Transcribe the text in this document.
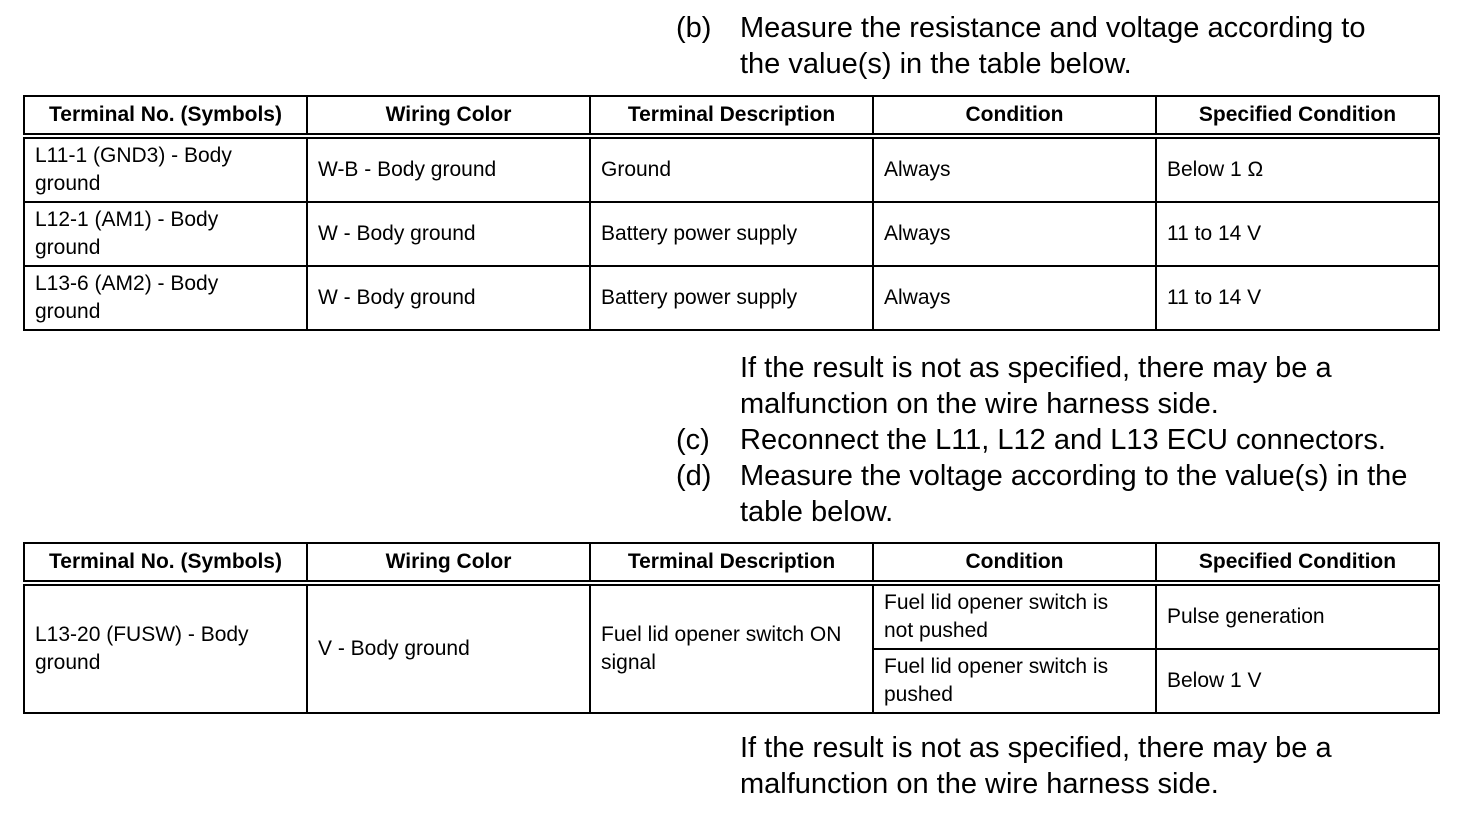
(b) Measure the resistance and voltage according to
the value(s) in the table below.
Terminal No. (Symbols)	Wiring Color	Terminal Description	Condition	Specified Condition

L11-1 (GND3) - Body
ground	W-B - Body ground	Ground	Always	Below 1 Ω

L12-1 (AM1) - Body
ground	W - Body ground	Battery power supply	Always	11 to 14 V

L13-6 (AM2) - Body
ground	W - Body ground	Battery power supply	Always	11 to 14 V
If the result is not as specified, there may be a
malfunction on the wire harness side.
(c)	Reconnect the L11, L12 and L13 ECU connectors.
(d) Measure the voltage according to the value(s) in the
table below.
Terminal No. (Symbols)	Wiring Color	Terminal Description	Condition	Specified Condition

L13-20 (FUSW) - Body
ground	V - Body ground	Fuel lid opener switch ON
signal	Fuel lid opener switch is
not pushed	Pulse generation

			Fuel lid opener switch is
pushed	Below 1 V
If the result is not as specified, there may be a
malfunction on the wire harness side.
